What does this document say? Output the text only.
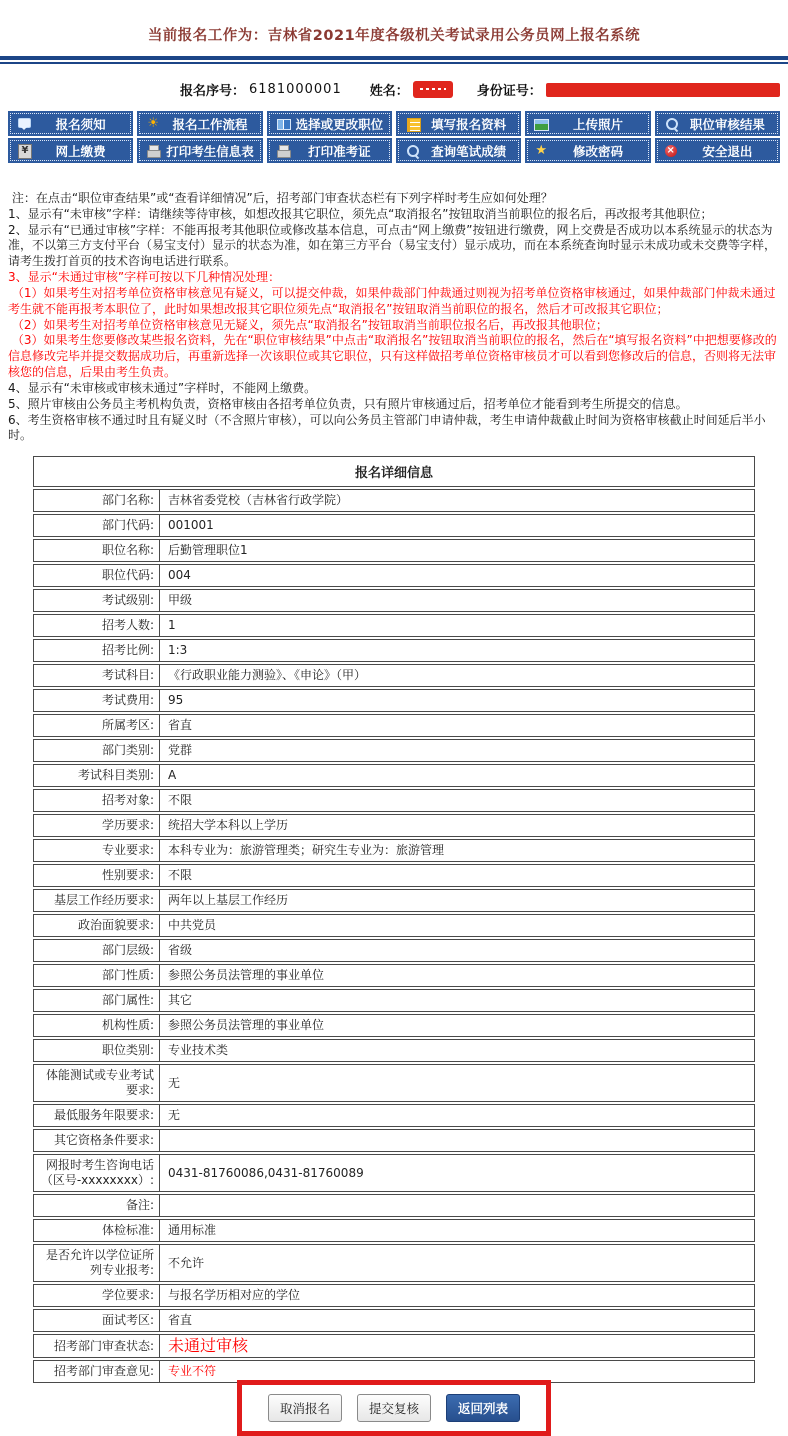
当前报名工作为：吉林省2021年度各级机关考试录用公务员网上报名系统
报名序号： 6181000001 姓名：	身份证号：
报名须知 ☀	报名工作流程	选择或更改职位	填写报名资料	上传照片	职位审核结果
¥
网上缴费	打印考生信息表	打印准考证	查询笔试成绩 ★	修改密码 ×	安全退出
注：在点击“职位审查结果”或“查看详细情况”后，招考部门审查状态栏有下列字样时考生应如何处理？
1、显示有“未审核”字样：请继续等待审核，如想改报其它职位，须先点“取消报名”按钮取消当前职位的报名后，再改报考其他职位；
2、显示有“已通过审核”字样：不能再报考其他职位或修改基本信息，可点击“网上缴费”按钮进行缴费，网上交费是否成功以本系统显示的状态为准，不以第三方支付平台（易宝支付）显示的状态为准，如在第三方平台（易宝支付）显示成功，而在本系统查询时显示未成功或未交费等字样，请考生拨打首页的技术咨询电话进行联系。
3、显示“未通过审核”字样可按以下几种情况处理：
（1）如果考生对招考单位资格审核意见有疑义，可以提交仲裁，如果仲裁部门仲裁通过则视为招考单位资格审核通过，如果仲裁部门仲裁未通过考生就不能再报考本职位了，此时如果想改报其它职位须先点“取消报名”按钮取消当前职位的报名，然后才可改报其它职位；
（2）如果考生对招考单位资格审核意见无疑义，须先点“取消报名”按钮取消当前职位报名后，再改报其他职位；
（3）如果考生您要修改某些报名资料，先在“职位审核结果”中点击“取消报名”按钮取消当前职位的报名，然后在“填写报名资料”中把想要修改的信息修改完毕并提交数据成功后，再重新选择一次该职位或其它职位，只有这样做招考单位资格审核员才可以看到您修改后的信息，否则将无法审核您的信息，后果由考生负责。
4、显示有“未审核或审核未通过”字样时，不能网上缴费。
5、照片审核由公务员主考机构负责，资格审核由各招考单位负责，只有照片审核通过后，招考单位才能看到考生所提交的信息。
6、考生资格审核不通过时且有疑义时（不含照片审核），可以向公务员主管部门申请仲裁，考生申请仲裁截止时间为资格审核截止时间延后半小时。
报名详细信息
部门名称:	吉林省委党校（吉林省行政学院）
部门代码:	001001
职位名称:	后勤管理职位1
职位代码:	004
考试级别:	甲级
招考人数:	1
招考比例:	1:3
考试科目:	《行政职业能力测验》、《申论》（甲）
考试费用:	95
所属考区:	省直
部门类别:	党群
考试科目类别:	A
招考对象:	不限
学历要求:	统招大学本科以上学历
专业要求:	本科专业为：旅游管理类；研究生专业为：旅游管理
性别要求:	不限
基层工作经历要求:	两年以上基层工作经历
政治面貌要求:	中共党员
部门层级:	省级
部门性质:	参照公务员法管理的事业单位
部门属性:	其它
机构性质:	参照公务员法管理的事业单位
职位类别:	专业技术类
体能测试或专业考试要求:
无
最低服务年限要求:	无
其它资格条件要求:
网报时考生咨询电话（区号-xxxxxxxx）:
0431-81760086,0431-81760089
备注:
体检标准:	通用标准
是否允许以学位证所列专业报考:
不允许
学位要求:	与报名学历相对应的学位
面试考区:	省直
招考部门审查状态: 未通过审核
招考部门审查意见:	专业不符
取消报名	提交复核	返回列表
